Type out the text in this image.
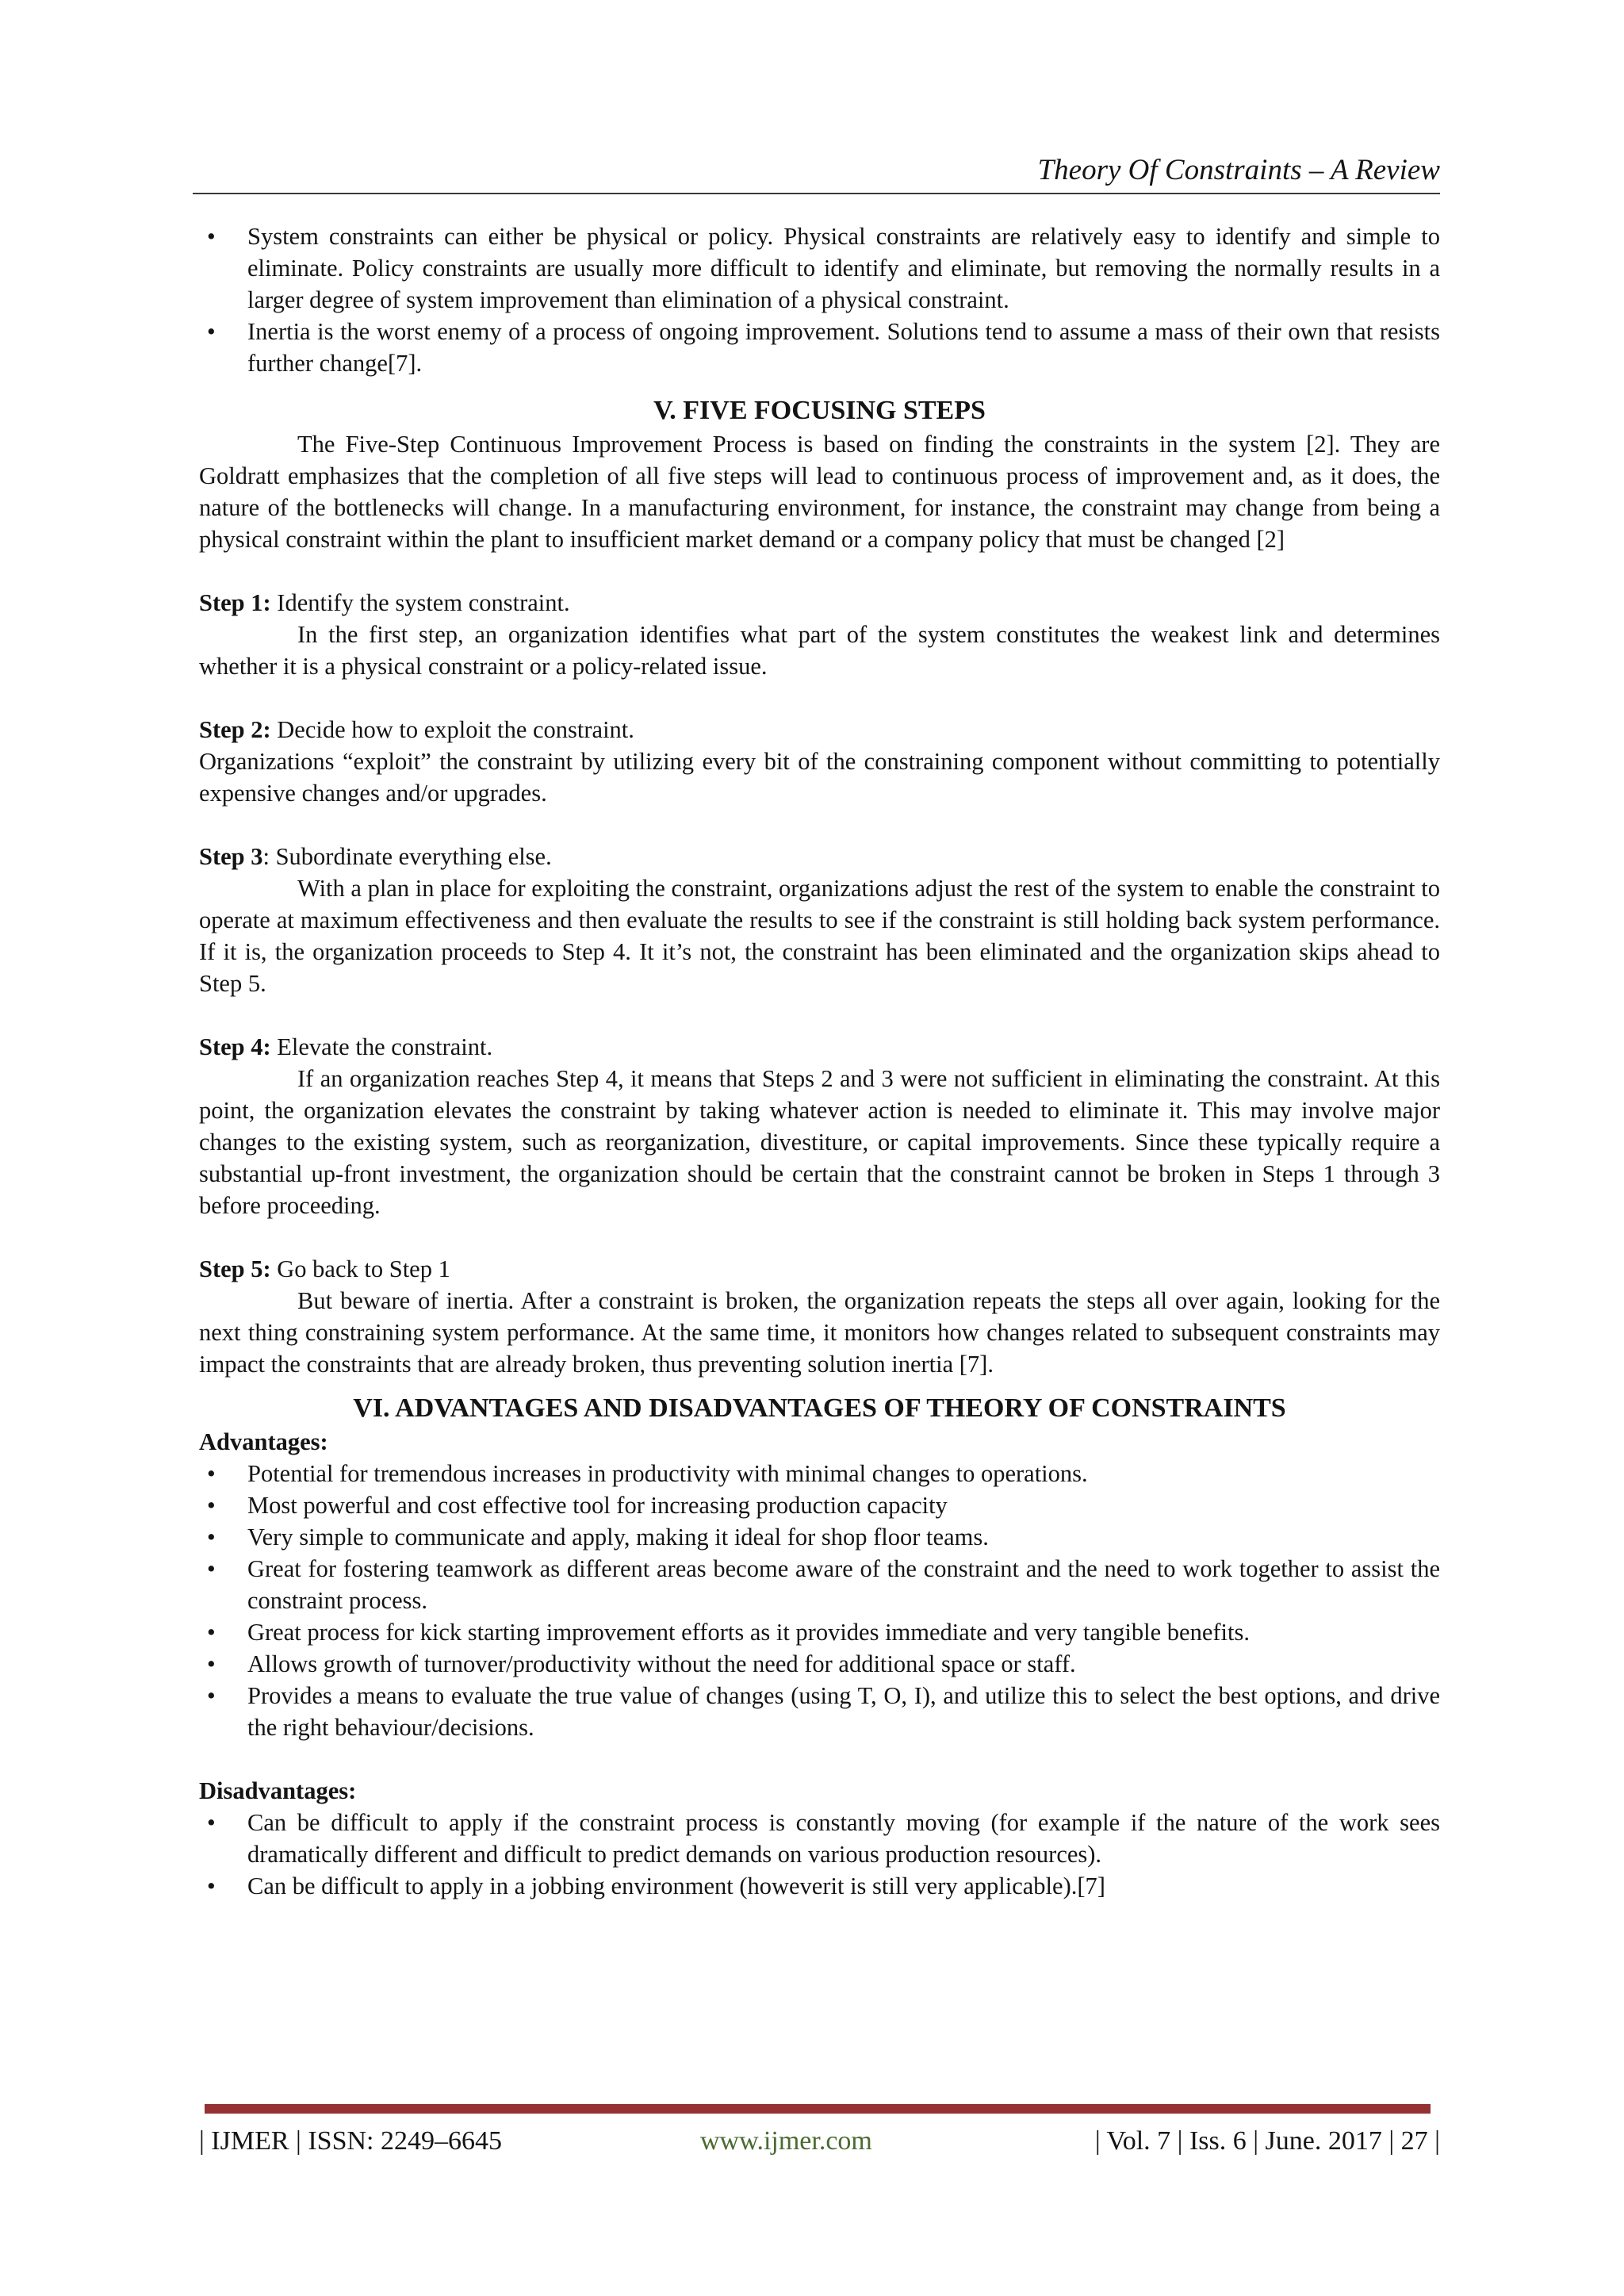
Theory Of Constraints – A Review
•	System constraints can either be physical or policy. Physical constraints are relatively easy to identify and simple to eliminate. Policy constraints are usually more difficult to identify and eliminate, but removing the normally results in a larger degree of system improvement than elimination of a physical constraint.
•	Inertia is the worst enemy of a process of ongoing improvement. Solutions tend to assume a mass of their own that resists further change[7].
V. FIVE FOCUSING STEPS

The Five-Step Continuous Improvement Process is based on finding the constraints in the system [2]. They are Goldratt emphasizes that the completion of all five steps will lead to continuous process of improvement and, as it does, the nature of the bottlenecks will change. In a manufacturing environment, for instance, the constraint may change from being a physical constraint within the plant to insufficient market demand or a company policy that must be changed [2]

Step 1: Identify the system constraint.

In the first step, an organization identifies what part of the system constitutes the weakest link and determines whether it is a physical constraint or a policy-related issue.

Step 2: Decide how to exploit the constraint.

Organizations “exploit” the constraint by utilizing every bit of the constraining component without committing to potentially expensive changes and/or upgrades.

Step 3: Subordinate everything else.

With a plan in place for exploiting the constraint, organizations adjust the rest of the system to enable the constraint to operate at maximum effectiveness and then evaluate the results to see if the constraint is still holding back system performance. If it is, the organization proceeds to Step 4. It it’s not, the constraint has been eliminated and the organization skips ahead to Step 5.

Step 4: Elevate the constraint.

If an organization reaches Step 4, it means that Steps 2 and 3 were not sufficient in eliminating the constraint. At this point, the organization elevates the constraint by taking whatever action is needed to eliminate it. This may involve major changes to the existing system, such as reorganization, divestiture, or capital improvements. Since these typically require a substantial up-front investment, the organization should be certain that the constraint cannot be broken in Steps 1 through 3 before proceeding.

Step 5: Go back to Step 1

But beware of inertia. After a constraint is broken, the organization repeats the steps all over again, looking for the next thing constraining system performance. At the same time, it monitors how changes related to subsequent constraints may impact the constraints that are already broken, thus preventing solution inertia [7].

VI. ADVANTAGES AND DISADVANTAGES OF THEORY OF CONSTRAINTS

Advantages:

•	Potential for tremendous increases in productivity with minimal changes to operations.
•	Most powerful and cost effective tool for increasing production capacity
•	Very simple to communicate and apply, making it ideal for shop floor teams.
•	Great for fostering teamwork as different areas become aware of the constraint and the need to work together to assist the constraint process.
•	Great process for kick starting improvement efforts as it provides immediate and very tangible benefits.
•	Allows growth of turnover/productivity without the need for additional space or staff.
•	Provides a means to evaluate the true value of changes (using T, O, I), and utilize this to select the best options, and drive the right behaviour/decisions.

Disadvantages:

•	Can be difficult to apply if the constraint process is constantly moving (for example if the nature of the work sees dramatically different and difficult to predict demands on various production resources).
•	Can be difficult to apply in a jobbing environment (howeverit is still very applicable).[7]
| IJMER | ISSN: 2249–6645	www.ijmer.com	| Vol. 7 | Iss. 6 | June. 2017 | 27 |
